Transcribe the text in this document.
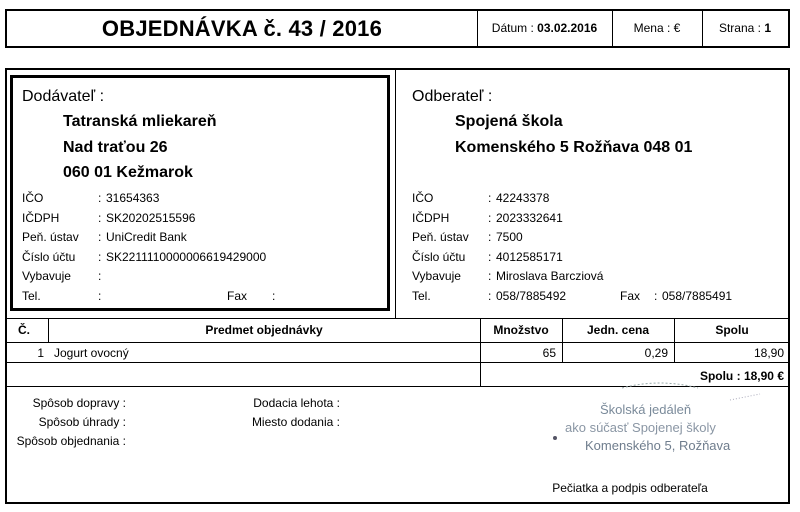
OBJEDNÁVKA č. 43 / 2016	Dátum : 03.02.2016	Mena : €	Strana : 1
Dodávateľ :
Tatranská mliekareň
Nad traťou 26
060 01 Kežmarok
IČO	: 31654363
IČDPH	: SK20202515596
Peň. ústav : UniCredit Bank
Číslo účtu : SK2211110000006619429000
Vybavuje :
Tel.	:	Fax :
Odberateľ :
Spojená škola
Komenského 5 Rožňava 048 01
IČO	: 42243378
IČDPH	: 2023332641
Peň. ústav : 7500
Číslo účtu : 4012585171
Vybavuje : Miroslava Barcziová
Tel.	: 058/7885492	Fax : 058/7885491
Č.	Predmet objednávky	Množstvo	Jedn. cena	Spolu
1 Jogurt ovocný	65	0,29	18,90
Spolu : 18,90 €
Spôsob dopravy :
Spôsob úhrady :
Spôsob objednania :
Dodacia lehota :
Miesto dodania :
Školská jedáleň
ako súčasť Spojenej školy
Komenského 5, Rožňava
Pečiatka a podpis odberateľa
